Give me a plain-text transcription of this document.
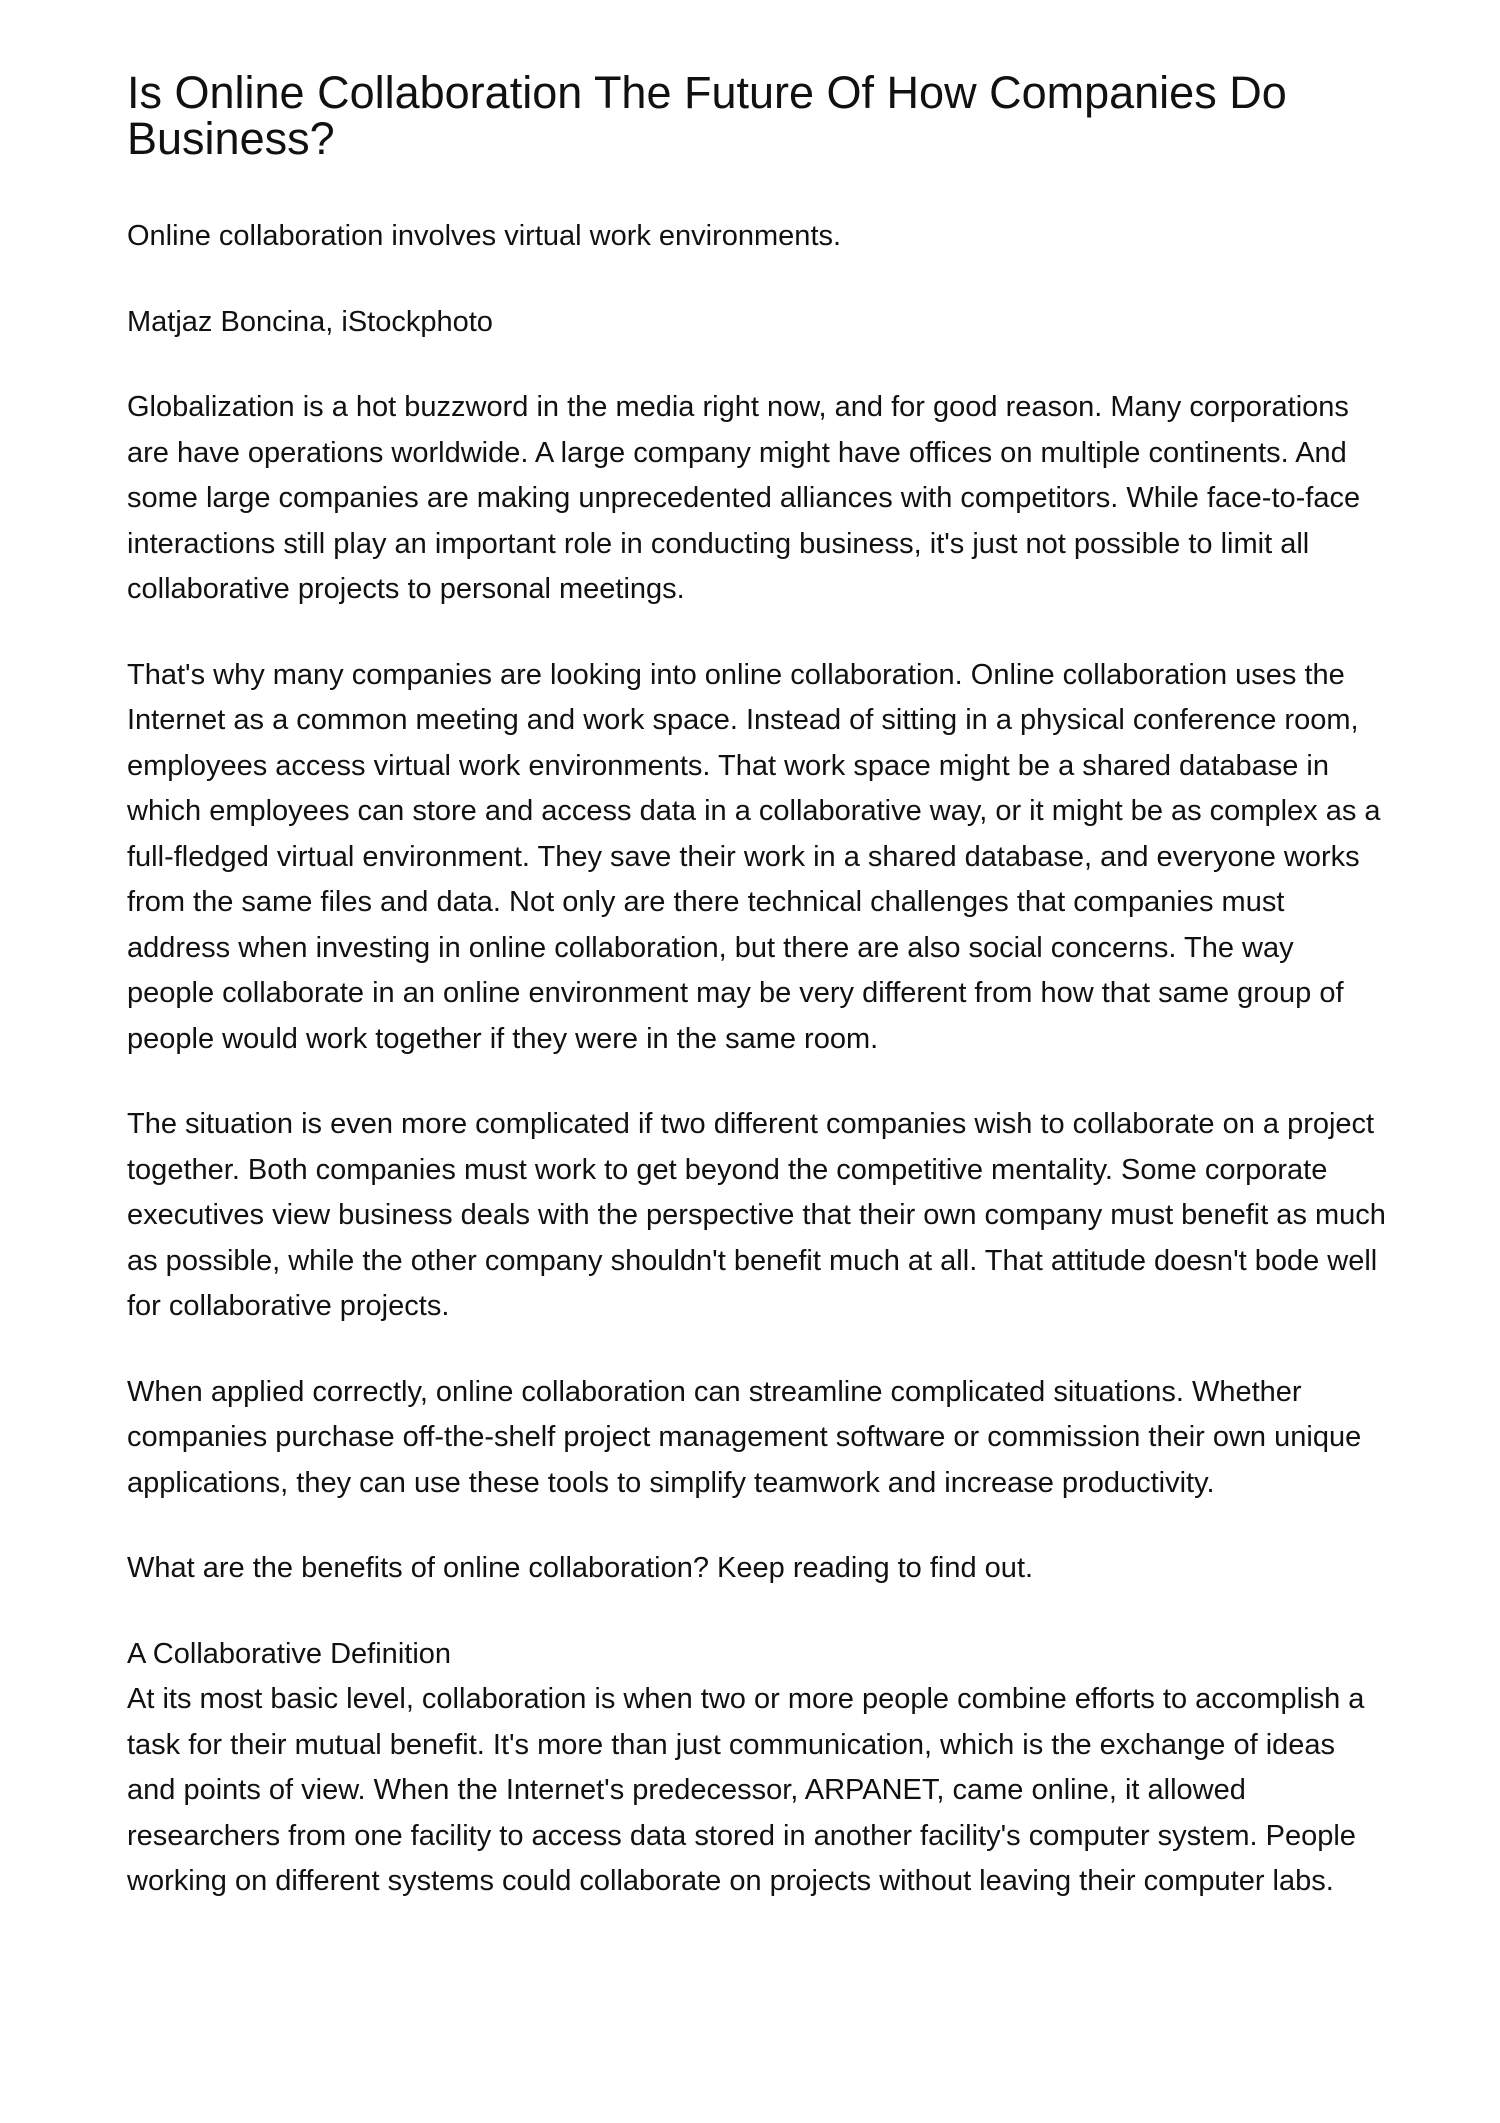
Is Online Collaboration The Future Of How Companies Do Business?

Online collaboration involves virtual work environments.

Matjaz Boncina, iStockphoto

Globalization is a hot buzzword in the media right now, and for good reason. Many corporations are have operations worldwide. A large company might have offices on multiple continents. And some large companies are making unprecedented alliances with competitors. While face-to-face interactions still play an important role in conducting business, it's just not possible to limit all collaborative projects to personal meetings.

That's why many companies are looking into online collaboration. Online collaboration uses the Internet as a common meeting and work space. Instead of sitting in a physical conference room, employees access virtual work environments. That work space might be a shared database in which employees can store and access data in a collaborative way, or it might be as complex as a full-fledged virtual environment. They save their work in a shared database, and everyone works from the same files and data. Not only are there technical challenges that companies must address when investing in online collaboration, but there are also social concerns. The way people collaborate in an online environment may be very different from how that same group of people would work together if they were in the same room.

The situation is even more complicated if two different companies wish to collaborate on a project together. Both companies must work to get beyond the competitive mentality. Some corporate executives view business deals with the perspective that their own company must benefit as much as possible, while the other company shouldn't benefit much at all. That attitude doesn't bode well for collaborative projects.

When applied correctly, online collaboration can streamline complicated situations. Whether companies purchase off-the-shelf project management software or commission their own unique applications, they can use these tools to simplify teamwork and increase productivity.

What are the benefits of online collaboration? Keep reading to find out.

A Collaborative Definition

At its most basic level, collaboration is when two or more people combine efforts to accomplish a task for their mutual benefit. It's more than just communication, which is the exchange of ideas and points of view. When the Internet's predecessor, ARPANET, came online, it allowed researchers from one facility to access data stored in another facility's computer system. People working on different systems could collaborate on projects without leaving their computer labs.
